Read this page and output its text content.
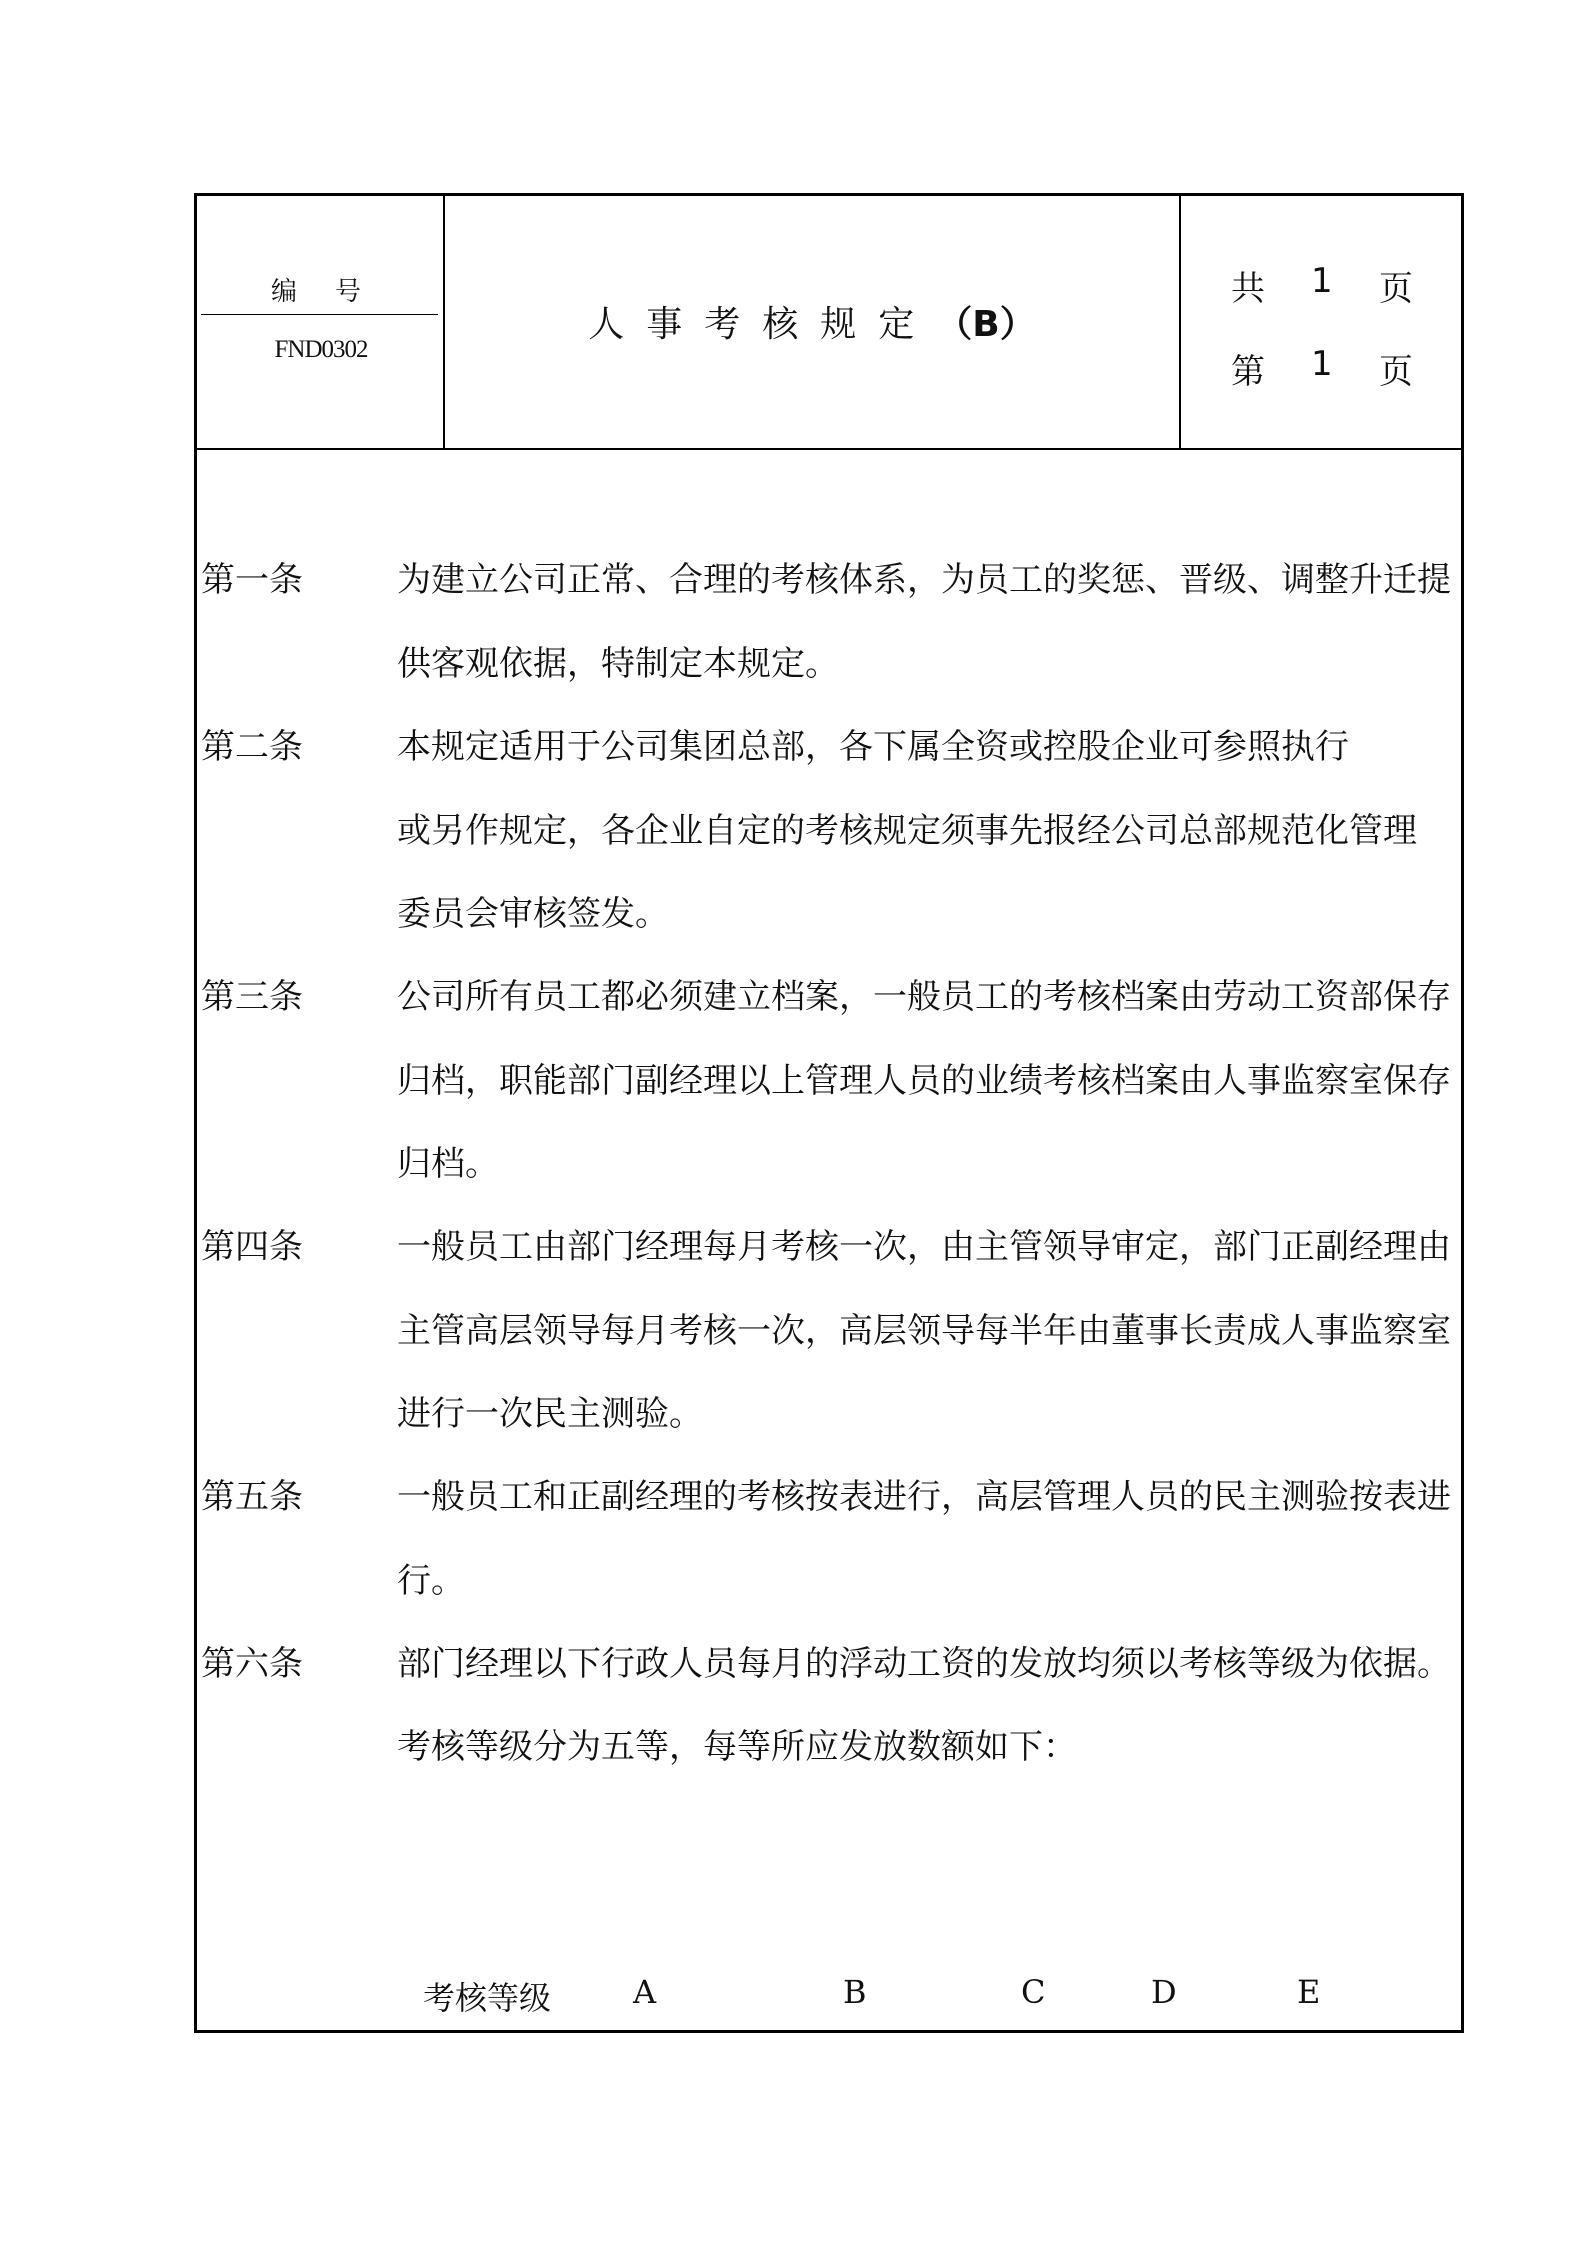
编号
FND0302
人事考核规定（B）
共 1 页
第 1 页
第一条	为建立公司正常、合理的考核体系，为员工的奖惩、晋级、调整升迁提
供客观依据，特制定本规定。
第二条	本规定适用于公司集团总部，各下属全资或控股企业可参照执行
或另作规定，各企业自定的考核规定须事先报经公司总部规范化管理
委员会审核签发。
第三条	公司所有员工都必须建立档案，一般员工的考核档案由劳动工资部保存
归档，职能部门副经理以上管理人员的业绩考核档案由人事监察室保存
归档。
第四条	一般员工由部门经理每月考核一次，由主管领导审定，部门正副经理由
主管高层领导每月考核一次，高层领导每半年由董事长责成人事监察室
进行一次民主测验。
第五条	一般员工和正副经理的考核按表进行，高层管理人员的民主测验按表进
行。
第六条	部门经理以下行政人员每月的浮动工资的发放均须以考核等级为依据。
考核等级分为五等，每等所应发放数额如下：
考核等级	A	B	C	D	E
